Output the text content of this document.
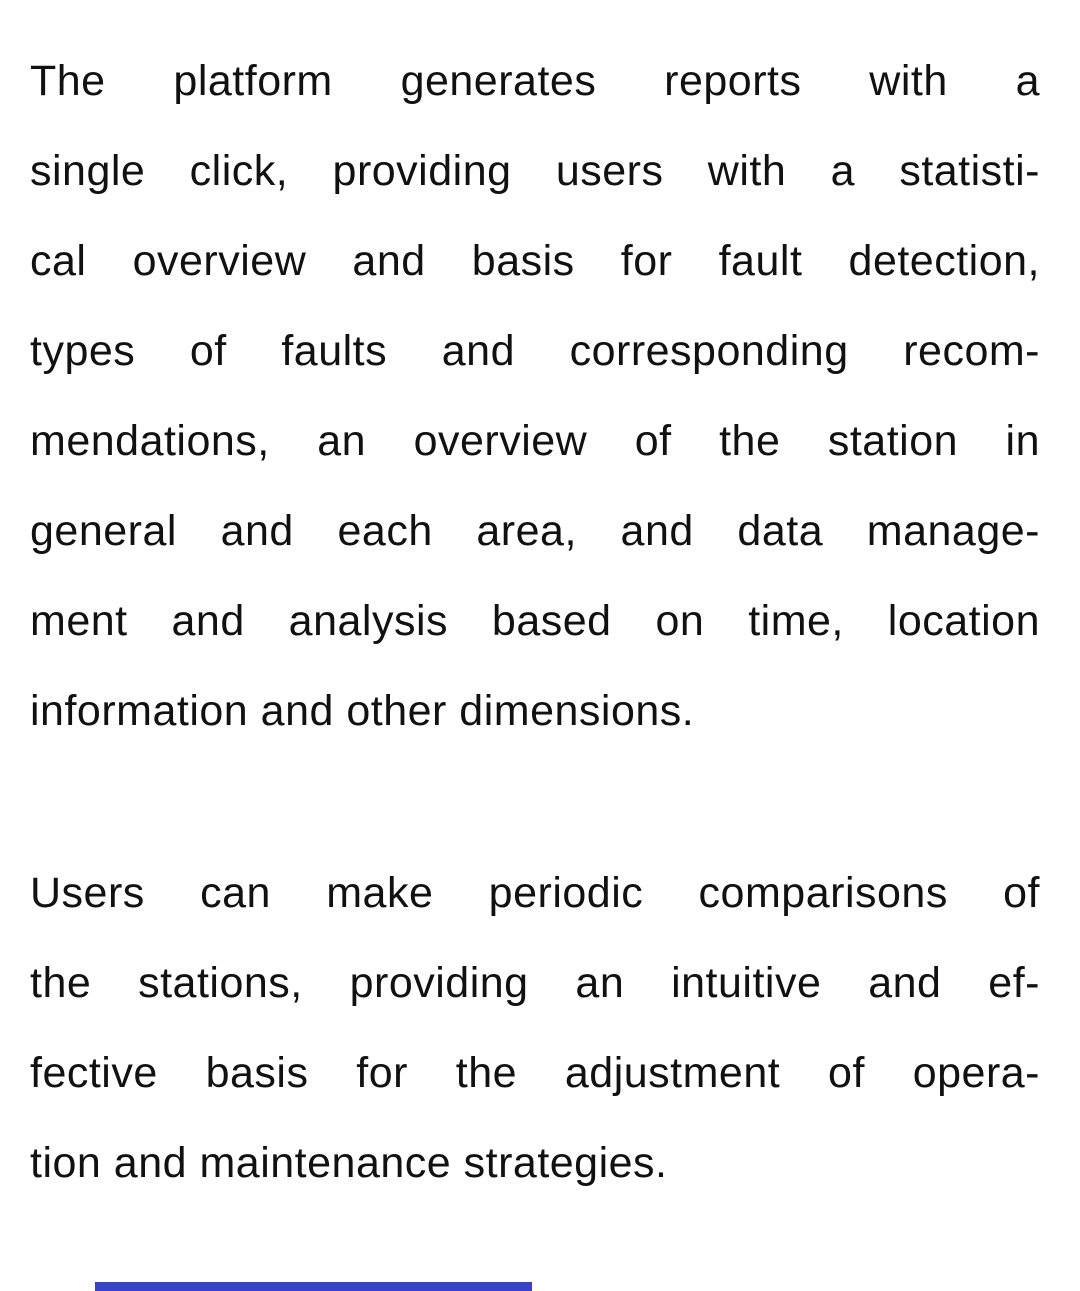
The platform generates reports with a
single click, providing users with a statisti-
cal overview and basis for fault detection,
types of faults and corresponding recom-
mendations, an overview of the station in
general and each area, and data manage-
ment and analysis based on time, location
information and other dimensions.
Users can make periodic comparisons of
the stations, providing an intuitive and ef-
fective basis for the adjustment of opera-
tion and maintenance strategies.
